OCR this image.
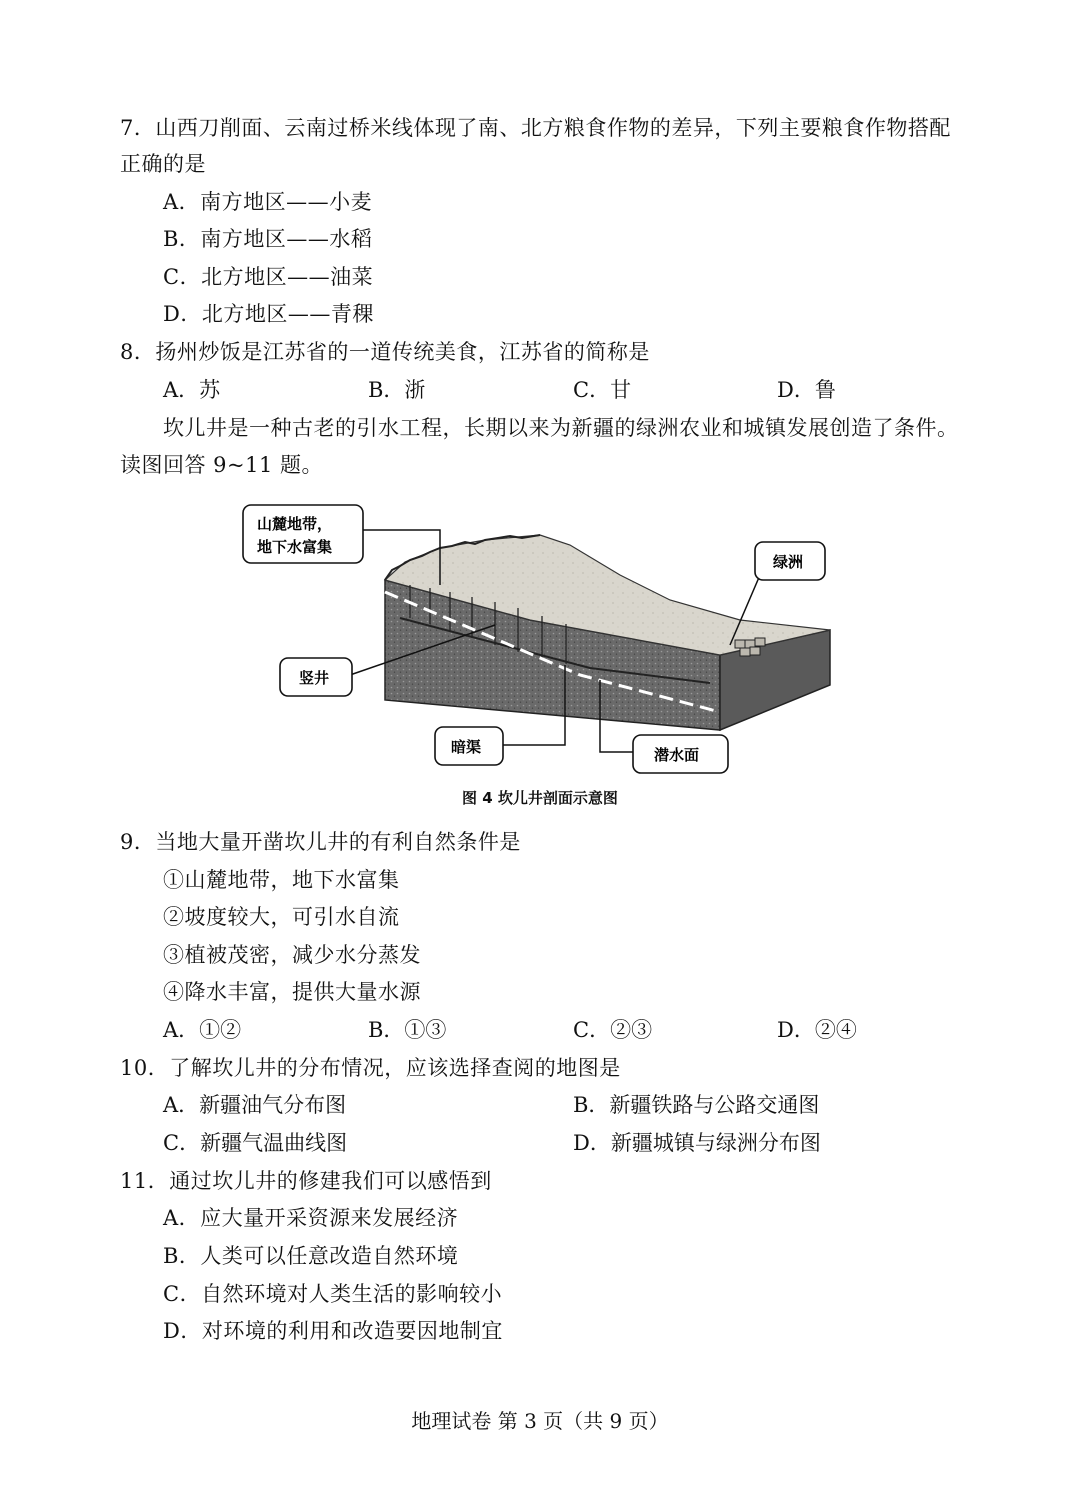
7．山西刀削面、云南过桥米线体现了南、北方粮食作物的差异，下列主要粮食作物搭配
正确的是
A．南方地区——小麦
B．南方地区——水稻
C．北方地区——油菜
D．北方地区——青稞
8．扬州炒饭是江苏省的一道传统美食，江苏省的简称是
A．苏	B．浙	C．甘	D．鲁
坎儿井是一种古老的引水工程，长期以来为新疆的绿洲农业和城镇发展创造了条件。
读图回答 9~11 题。
山麓地带，
地下水富集
绿洲
竖井
暗渠	潜水面
图 4 坎儿井剖面示意图
9．当地大量开凿坎儿井的有利自然条件是
①山麓地带，地下水富集
②坡度较大，可引水自流
③植被茂密，减少水分蒸发
④降水丰富，提供大量水源
A．①②	B．①③	C．②③	D．②④
10．了解坎儿井的分布情况，应该选择查阅的地图是
A．新疆油气分布图	B．新疆铁路与公路交通图
C．新疆气温曲线图	D．新疆城镇与绿洲分布图
11．通过坎儿井的修建我们可以感悟到
A．应大量开采资源来发展经济
B．人类可以任意改造自然环境
C．自然环境对人类生活的影响较小
D．对环境的利用和改造要因地制宜
地理试卷 第 3 页（共 9 页）
